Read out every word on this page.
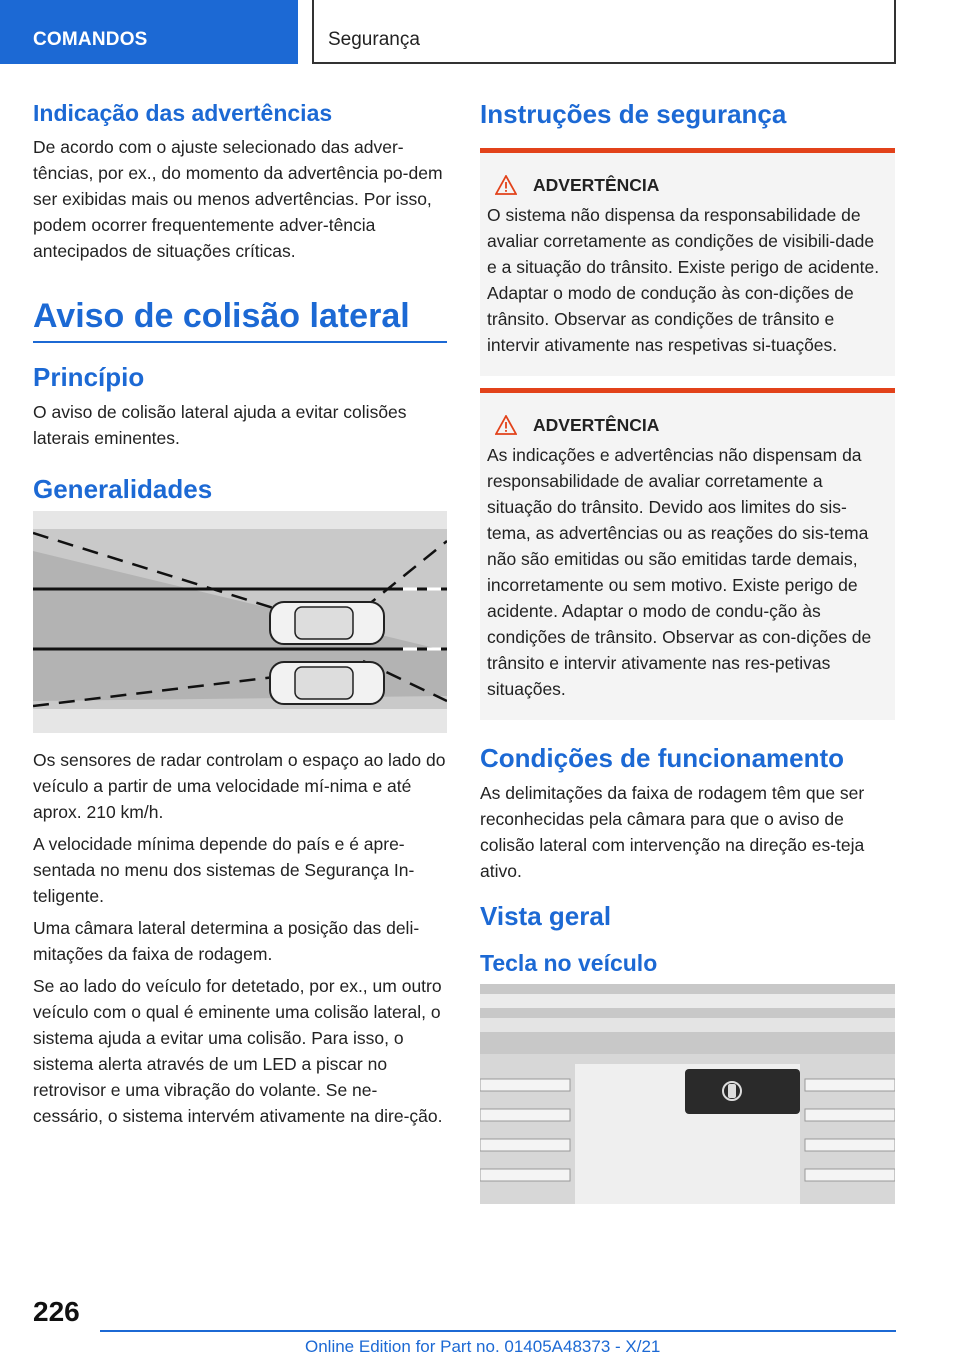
COMANDOS	Segurança
Indicação das advertências

De acordo com o ajuste selecionado das adver-tências, por ex., do momento da advertência po-dem ser exibidas mais ou menos advertências. Por isso, podem ocorrer frequentemente adver-tência antecipados de situações críticas.

Aviso de colisão lateral
Princípio

O aviso de colisão lateral ajuda a evitar colisões laterais eminentes.

Generalidades

Os sensores de radar controlam o espaço ao lado do veículo a partir de uma velocidade mí-nima e até aprox. 210 km/h.

A velocidade mínima depende do país e é apre-sentada no menu dos sistemas de Segurança In-teligente.

Uma câmara lateral determina a posição das deli-mitações da faixa de rodagem.

Se ao lado do veículo for detetado, por ex., um outro veículo com o qual é eminente uma colisão lateral, o sistema ajuda a evitar uma colisão. Para isso, o sistema alerta através de um LED a piscar no retrovisor e uma vibração do volante. Se ne-cessário, o sistema intervém ativamente na dire-ção.

Instruções de segurança
ADVERTÊNCIA

O sistema não dispensa da responsabilidade de avaliar corretamente as condições de visibili-dade e a situação do trânsito. Existe perigo de acidente. Adaptar o modo de condução às con-dições de trânsito. Observar as condições de trânsito e intervir ativamente nas respetivas si-tuações.

ADVERTÊNCIA

As indicações e advertências não dispensam da responsabilidade de avaliar corretamente a situação do trânsito. Devido aos limites do sis-tema, as advertências ou as reações do sis-tema não são emitidas ou são emitidas tarde demais, incorretamente ou sem motivo. Existe perigo de acidente. Adaptar o modo de condu-ção às condições de trânsito. Observar as con-dições de trânsito e intervir ativamente nas res-petivas situações.

Condições de funcionamento

As delimitações da faixa de rodagem têm que ser reconhecidas pela câmara para que o aviso de colisão lateral com intervenção na direção es-teja ativo.

Vista geral
Tecla no veículo
226
Online Edition for Part no. 01405A48373 - X/21
